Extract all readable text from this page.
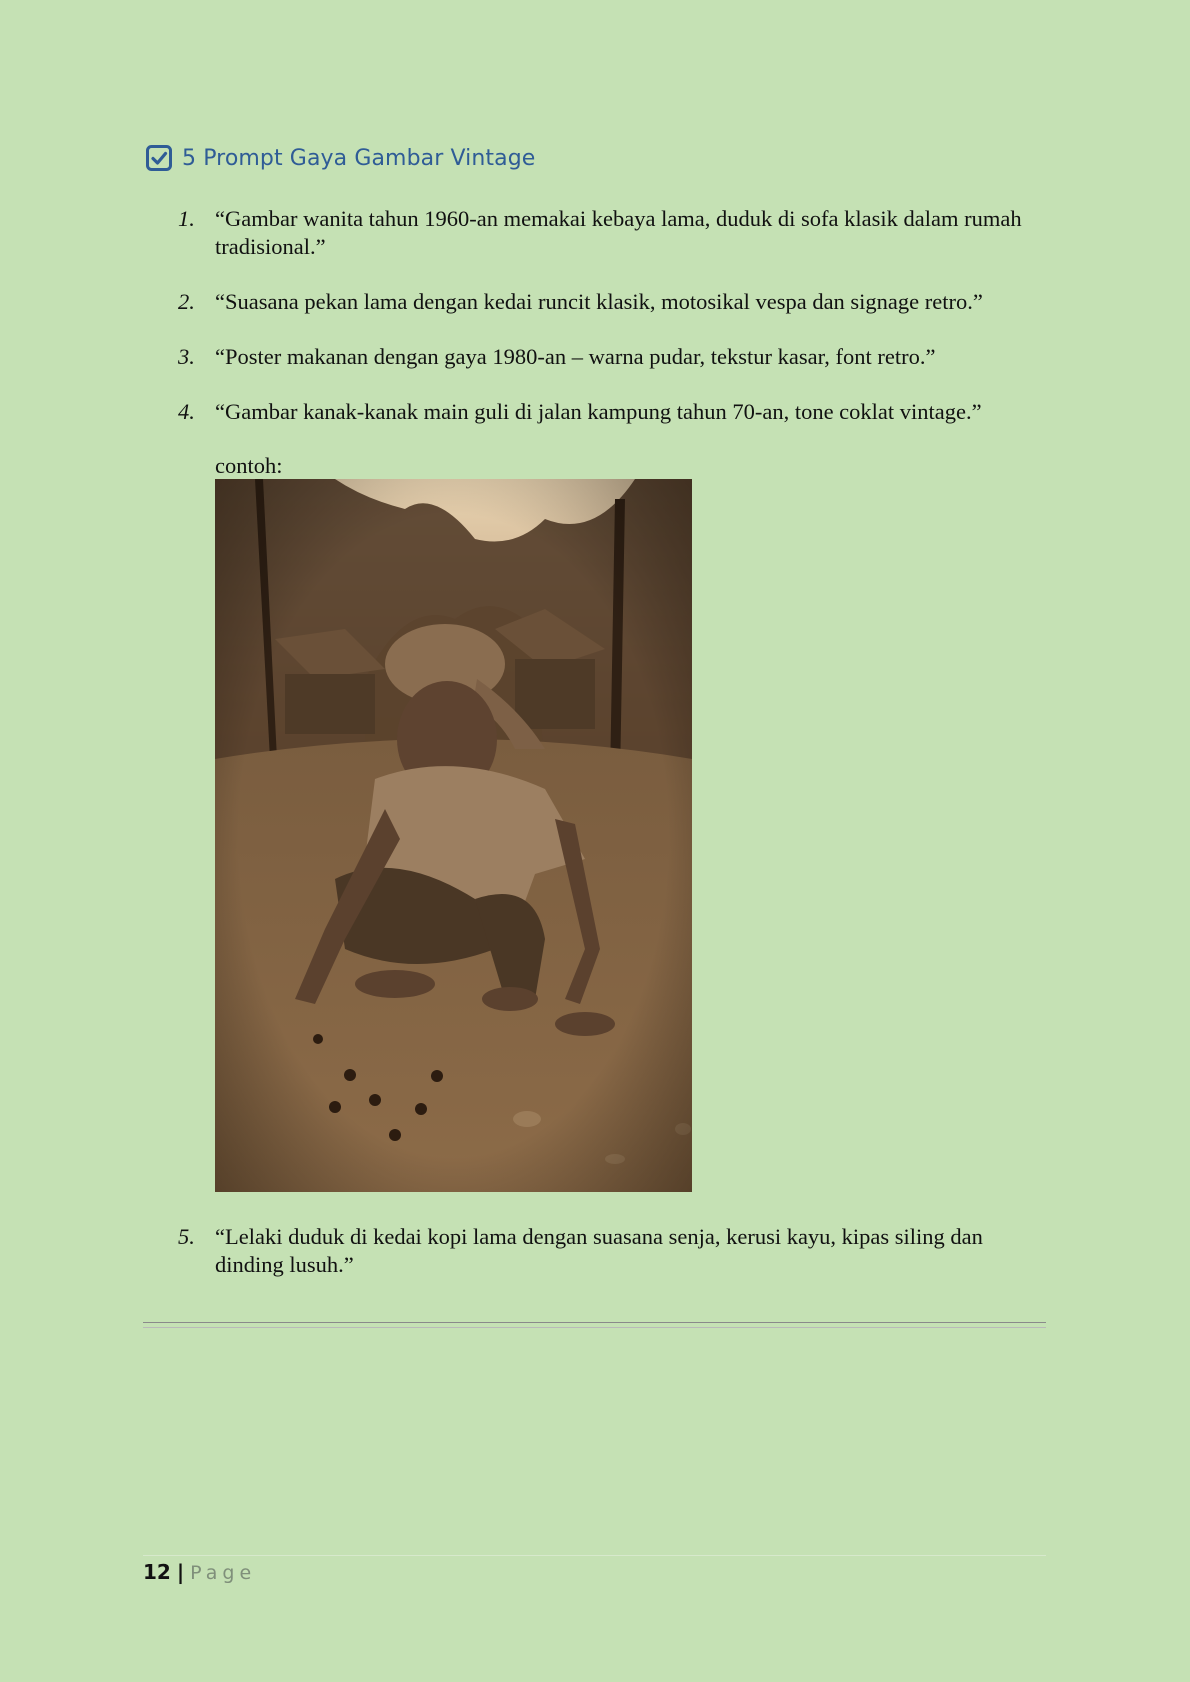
5 Prompt Gaya Gambar Vintage
1. “Gambar wanita tahun 1960-an memakai kebaya lama, duduk di sofa klasik dalam rumah tradisional.”
2. “Suasana pekan lama dengan kedai runcit klasik, motosikal vespa dan signage retro.”
3. “Poster makanan dengan gaya 1980-an – warna pudar, tekstur kasar, font retro.”
4. “Gambar kanak-kanak main guli di jalan kampung tahun 70-an, tone coklat vintage.”
contoh:
5. “Lelaki duduk di kedai kopi lama dengan suasana senja, kerusi kayu, kipas siling dan dinding lusuh.”
12 | Page
